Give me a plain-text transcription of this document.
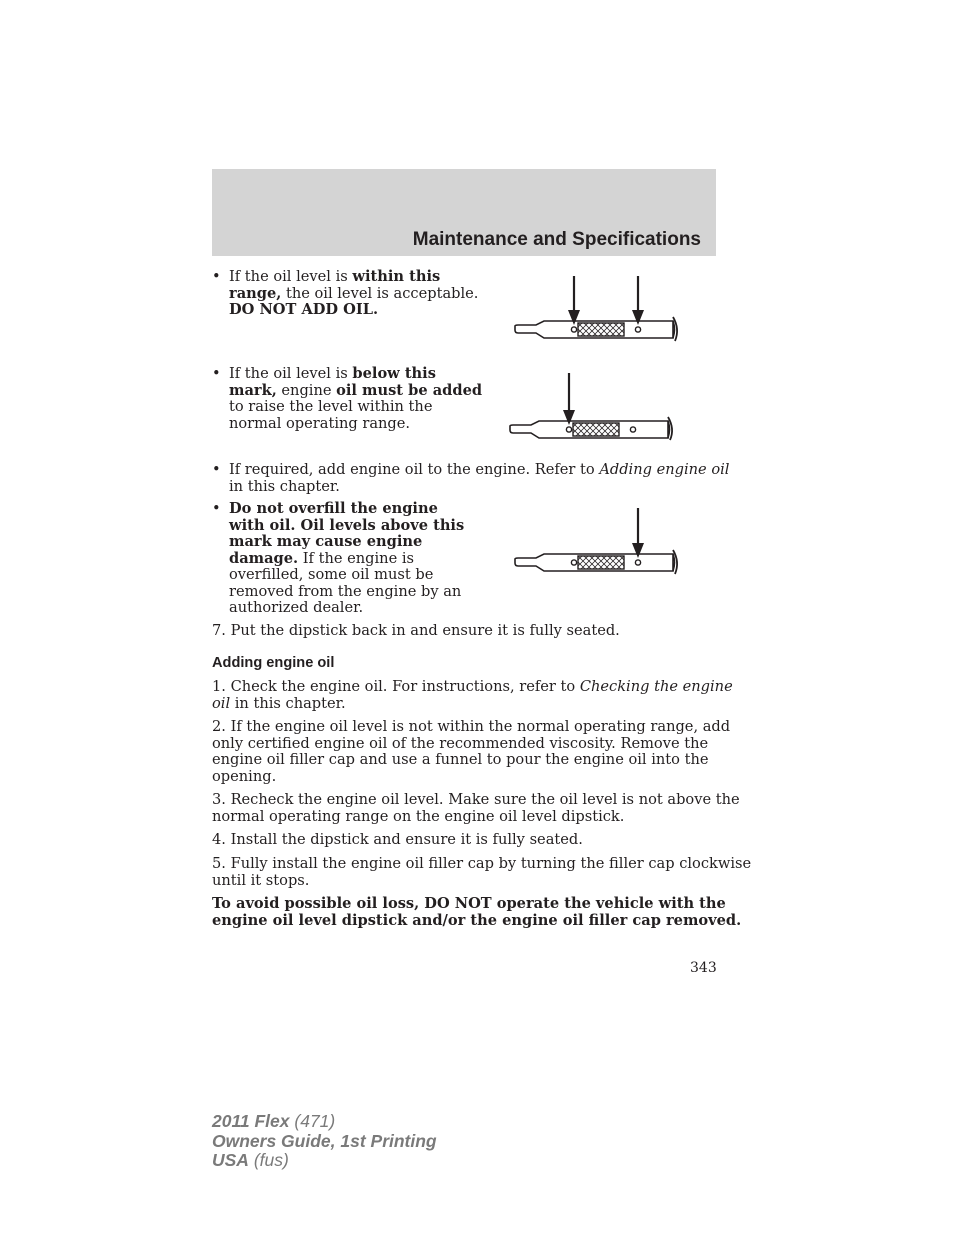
Maintenance and Specifications
• If the oil level is within this
range, the oil level is acceptable.
DO NOT ADD OIL.
• If the oil level is below this
mark, engine oil must be added
to raise the level within the
normal operating range.
• If required, add engine oil to the engine. Refer to Adding engine oil
in this chapter.
• Do not overfill the engine
with oil. Oil levels above this
mark may cause engine
damage. If the engine is
overfilled, some oil must be
removed from the engine by an
authorized dealer.
7. Put the dipstick back in and ensure it is fully seated.
Adding engine oil
1. Check the engine oil. For instructions, refer to Checking the engine
oil in this chapter.
2. If the engine oil level is not within the normal operating range, add
only certified engine oil of the recommended viscosity. Remove the
engine oil filler cap and use a funnel to pour the engine oil into the
opening.
3. Recheck the engine oil level. Make sure the oil level is not above the
normal operating range on the engine oil level dipstick.
4. Install the dipstick and ensure it is fully seated.
5. Fully install the engine oil filler cap by turning the filler cap clockwise
until it stops.
To avoid possible oil loss, DO NOT operate the vehicle with the
engine oil level dipstick and/or the engine oil filler cap removed.
343
2011 Flex (471)
Owners Guide, 1st Printing
USA (fus)
